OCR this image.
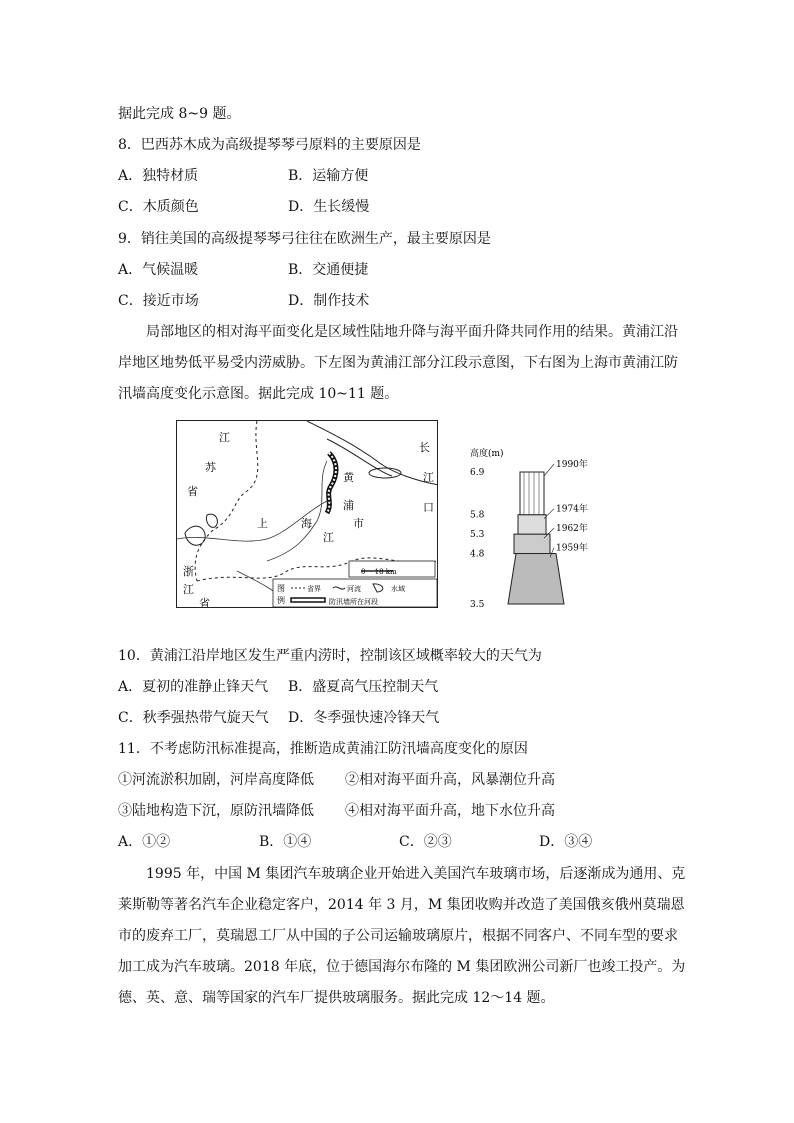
据此完成 8~9 题。
8．巴西苏木成为高级提琴琴弓原料的主要原因是
A．独特材质	B．运输方便
C．木质颜色	D．生长缓慢
9．销往美国的高级提琴琴弓往往在欧洲生产，最主要原因是
A．气候温暖	B．交通便捷
C．接近市场	D．制作技术
局部地区的相对海平面变化是区域性陆地升降与海平面升降共同作用的结果。黄浦江沿
岸地区地势低平易受内涝威胁。下左图为黄浦江部分江段示意图，下右图为上海市黄浦江防
汛墙高度变化示意图。据此完成 10~11 题。
江
苏
省
长
江
口
黄
浦
上	海	市
江
浙
江
省
0 　18 km
图
例
省界	河流	水域
防汛墙所在河段
高度(m)
6.9
5.8
5.3
4.8
3.5
1990年
1974年
1962年
1959年
10．黄浦江沿岸地区发生严重内涝时，控制该区域概率较大的天气为
A．夏初的准静止锋天气 B．盛夏高气压控制天气
C．秋季强热带气旋天气 D．冬季强快速冷锋天气
11．不考虑防汛标准提高，推断造成黄浦江防汛墙高度变化的原因
①河流淤积加剧，河岸高度降低 ②相对海平面升高，风暴潮位升高
③陆地构造下沉，原防汛墙降低 ④相对海平面升高，地下水位升高
A．①②	B．①④	C．②③	D．③④
1995 年，中国 M 集团汽车玻璃企业开始进入美国汽车玻璃市场，后逐渐成为通用、克
莱斯勒等著名汽车企业稳定客户，2014 年 3 月，M 集团收购并改造了美国俄亥俄州莫瑞恩
市的废弃工厂，莫瑞恩工厂从中国的子公司运输玻璃原片，根据不同客户、不同车型的要求
加工成为汽车玻璃。2018 年底，位于德国海尔布隆的 M 集团欧洲公司新厂也竣工投产。为
德、英、意、瑞等国家的汽车厂提供玻璃服务。据此完成 12～14 题。
